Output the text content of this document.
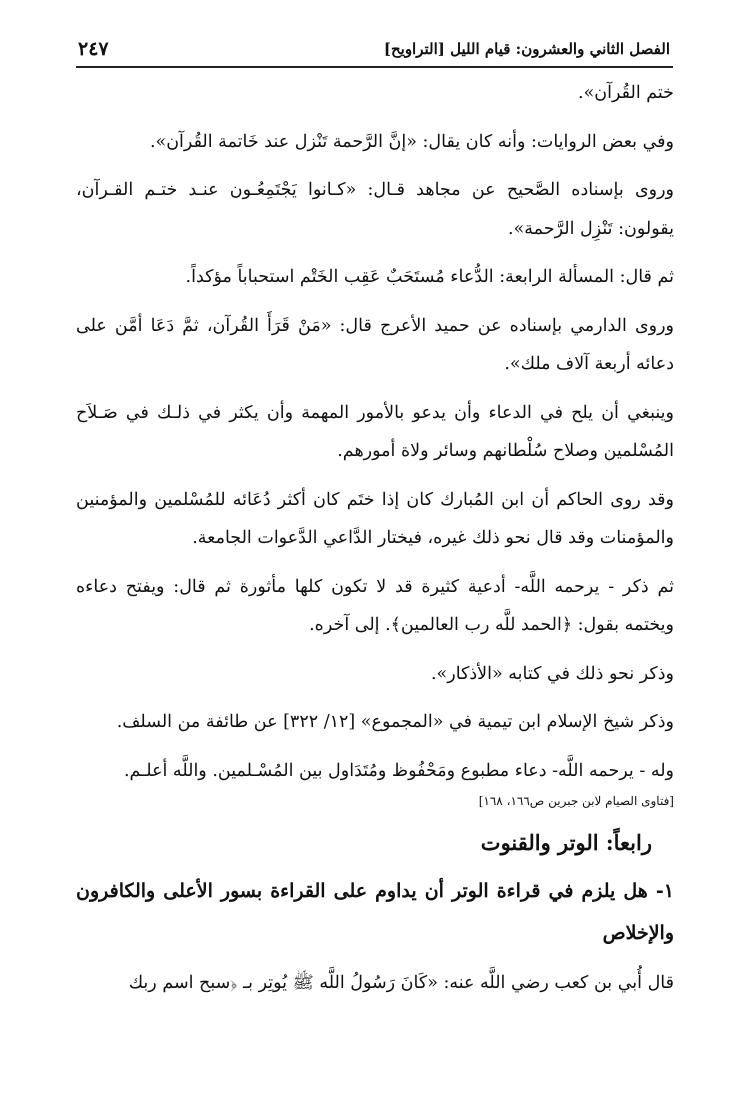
الفصل الثاني والعشرون: قيام الليل [التراويح]
٢٤٧

ختم القُرآن».

وفي بعض الروايات: وأنه كان يقال: «إنَّ الرَّحمة تَنْزل عند خَاتمة القُرآن».

وروى بإسناده الصَّحيح عن مجاهد قـال: «كـانوا يَجْتَمِعُـون عنـد ختـم القـرآن، يقولون: تَنْزِل الرَّحمة».

ثم قال: المسألة الرابعة: الدُّعاء مُستَحَبٌ عَقِب الخَتْم استحباباً مؤكداً.

وروى الدارمي بإسناده عن حميد الأعرج قال: «مَنْ قَرَأَ القُرآن، ثمَّ دَعَا أمَّن على دعائه أربعة آلاف ملك».

وينبغي أن يلح في الدعاء وأن يدعو بالأمور المهمة وأن يكثر في ذلـك في صَـلاَح المُسْلمين وصلاح سُلْطانهم وسائر ولاة أمورهم.

وقد روى الحاكم أن ابن المُبارك كان إذا ختَم كان أكثر دُعَائه للمُسْلمين والمؤمنين والمؤمنات وقد قال نحو ذلك غيره، فيختار الدَّاعي الدَّعوات الجامعة.

ثم ذكر - يرحمه اللَّه- أدعية كثيرة قد لا تكون كلها مأثورة ثم قال: ويفتح دعاءه ويختمه بقول: ﴿الحمد للَّه رب العالمين﴾. إلى آخره.

وذكر نحو ذلك في كتابه «الأذكار».

وذكر شيخ الإسلام ابن تيمية في «المجموع» [١٢/ ٣٢٢] عن طائفة من السلف.

وله - يرحمه اللَّه- دعاء مطبوع ومَحْفُوظ ومُتَدَاول بين المُسْـلمين. واللَّه أعلـم.

[فتاوى الصيام لابن جبرين ص١٦٦، ١٦٨]

رابعاً: الوتر والقنوت

١- هل يلزم في قراءة الوتر أن يداوم على القراءة بسور الأعلى والكافرون والإخلاص

قال أُبي بن كعب رضي اللَّه عنه: «كَانَ رَسُولُ اللَّه ﷺ يُوتِر بـ ﴿سبح اسم ربك
